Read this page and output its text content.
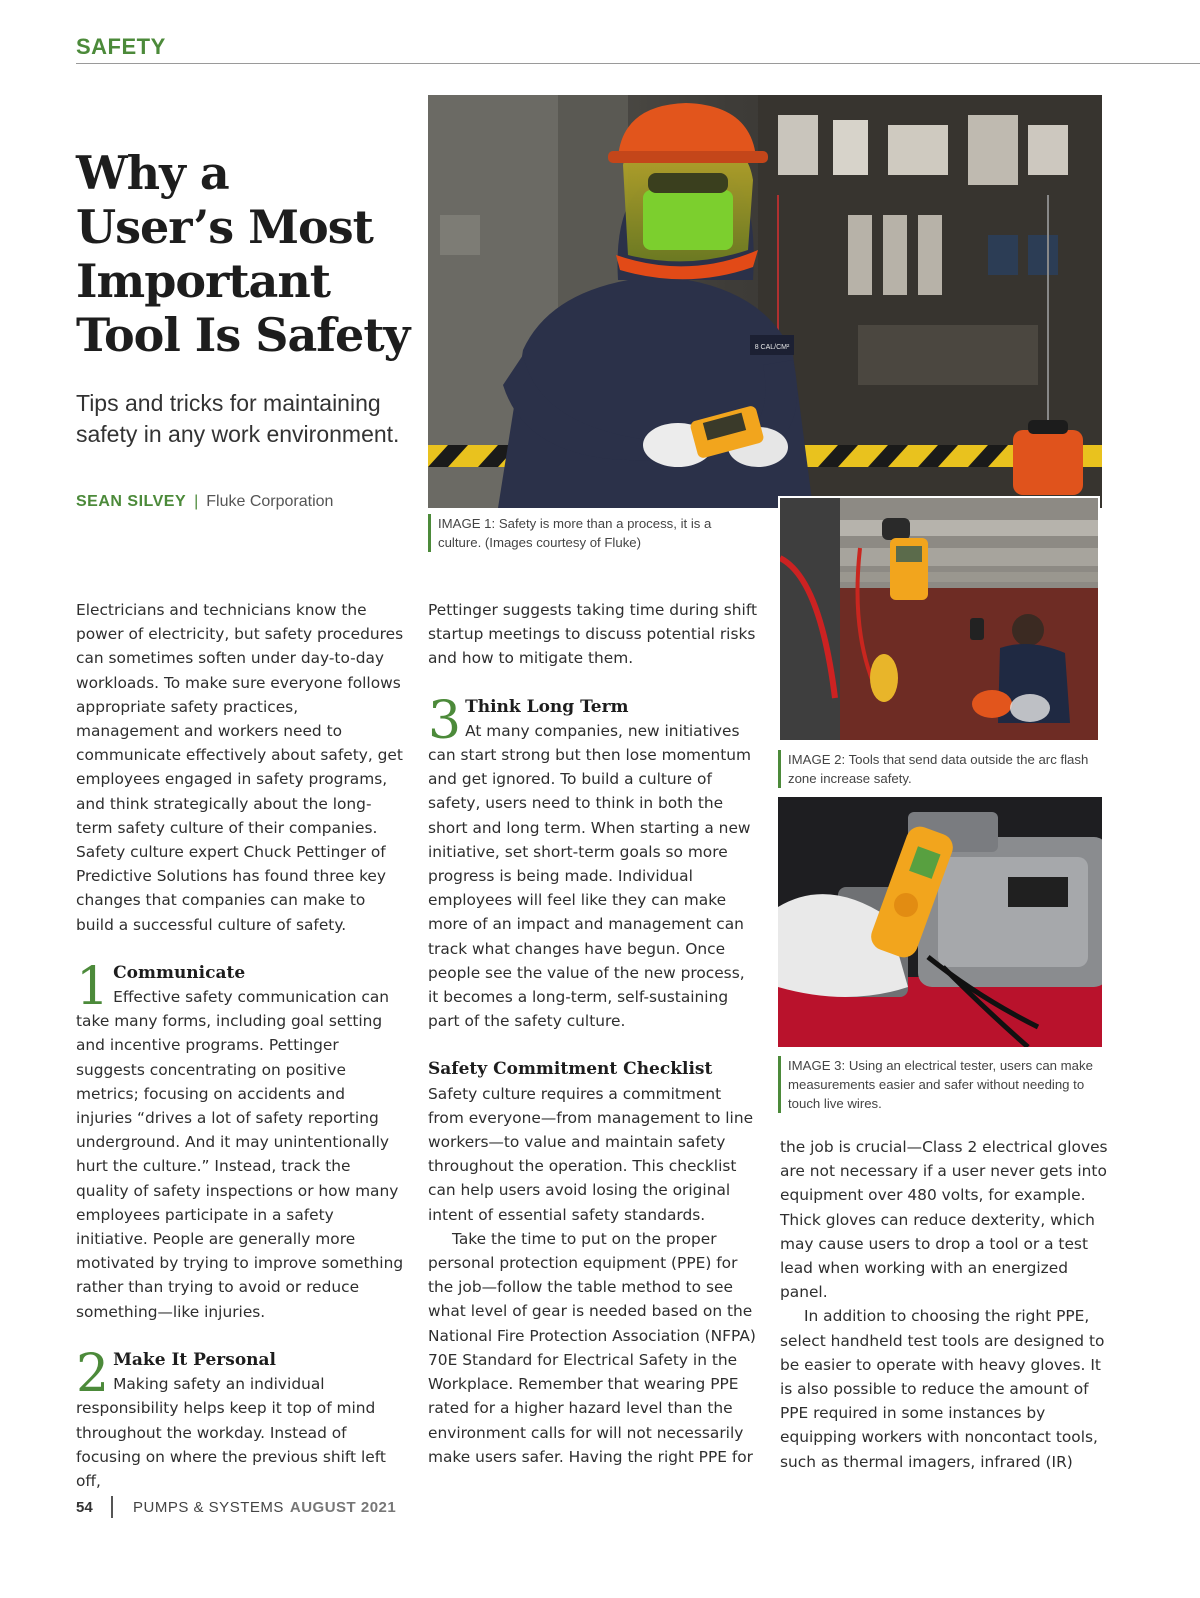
SAFETY
Why a
User’s Most
Important
Tool Is Safety
Tips and tricks for maintaining safety in any work environment.
SEAN SILVEY | Fluke Corporation
8 CAL/CM²
IMAGE 1: Safety is more than a process, it is a culture. (Images courtesy of Fluke)
IMAGE 2: Tools that send data outside the arc flash zone increase safety.
IMAGE 3: Using an electrical tester, users can make measurements easier and safer without needing to touch live wires.

Electricians and technicians know the power of electricity, but safety procedures can sometimes soften under day-to-day workloads. To make sure everyone follows appropriate safety practices, management and workers need to communicate effectively about safety, get employees engaged in safety programs, and think strategically about the long-term safety culture of their companies. Safety culture expert Chuck Pettinger of Predictive Solutions has found three key changes that companies can make to build a successful culture of safety.

1 Communicate
Effective safety communication can take many forms, including goal setting and incentive programs. Pettinger suggests concentrating on positive metrics; focusing on accidents and injuries “drives a lot of safety reporting underground. And it may unintentionally hurt the culture.” Instead, track the quality of safety inspections or how many employees participate in a safety initiative. People are generally more motivated by trying to improve something rather than trying to avoid or reduce something—like injuries.
2 Make It Personal
Making safety an individual responsibility helps keep it top of mind throughout the workday. Instead of focusing on where the previous shift left off,

Pettinger suggests taking time during shift startup meetings to discuss potential risks and how to mitigate them.

3 Think Long Term
At many companies, new initiatives can start strong but then lose momentum and get ignored. To build a culture of safety, users need to think in both the short and long term. When starting a new initiative, set short-term goals so more progress is being made. Individual employees will feel like they can make more of an impact and management can track what changes have begun. Once people see the value of the new process, it becomes a long-term, self-sustaining part of the safety culture.
Safety Commitment Checklist

Safety culture requires a commitment from everyone—from management to line workers—to value and maintain safety throughout the operation. This checklist can help users avoid losing the original intent of essential safety standards.

Take the time to put on the proper personal protection equipment (PPE) for the job—follow the table method to see what level of gear is needed based on the National Fire Protection Association (NFPA) 70E Standard for Electrical Safety in the Workplace. Remember that wearing PPE rated for a higher hazard level than the environment calls for will not necessarily make users safer. Having the right PPE for

the job is crucial—Class 2 electrical gloves are not necessary if a user never gets into equipment over 480 volts, for example. Thick gloves can reduce dexterity, which may cause users to drop a tool or a test lead when working with an energized panel.

In addition to choosing the right PPE, select handheld test tools are designed to be easier to operate with heavy gloves. It is also possible to reduce the amount of PPE required in some instances by equipping workers with noncontact tools, such as thermal imagers, infrared (IR)

54	PUMPS & SYSTEMS AUGUST 2021
